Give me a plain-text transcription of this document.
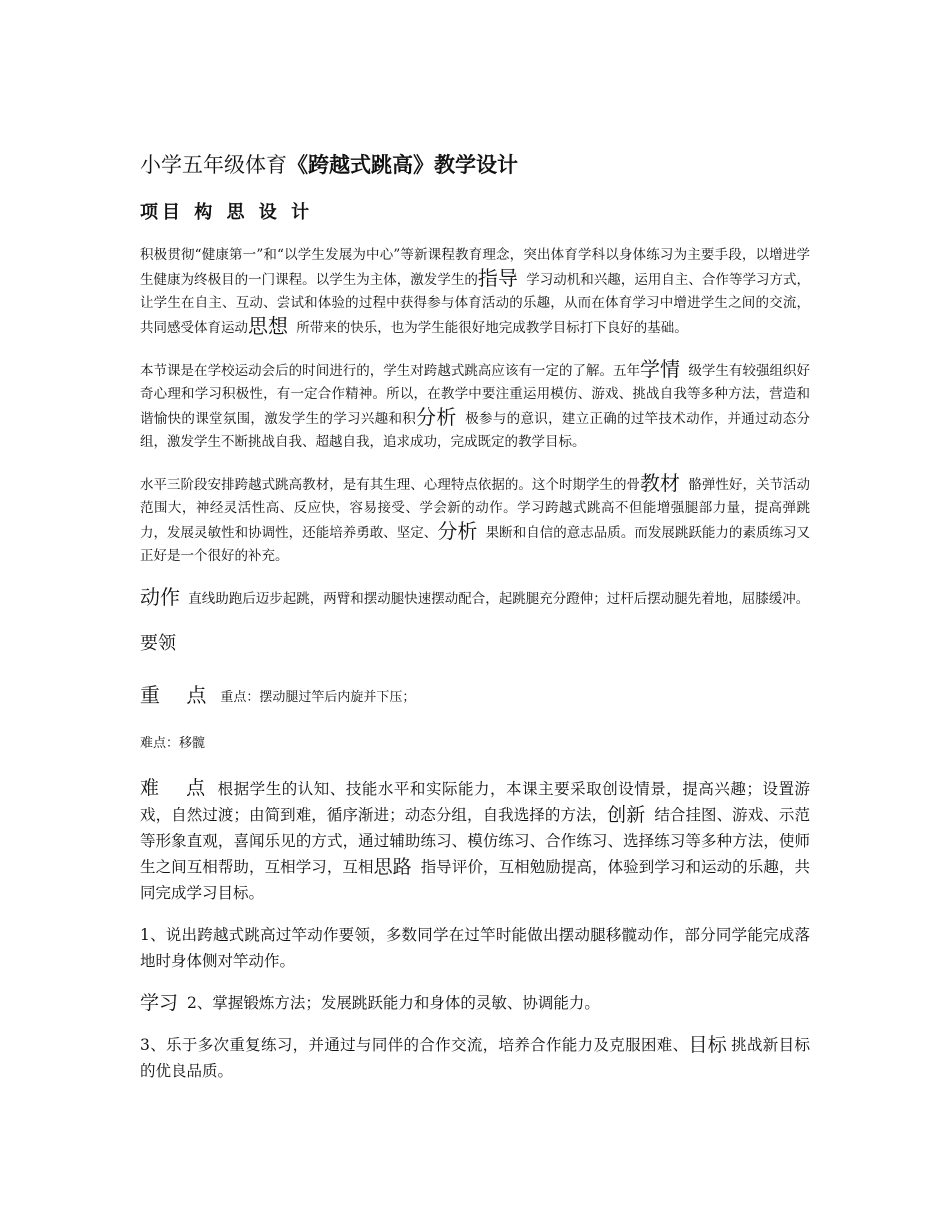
小学五年级体育《跨越式跳高》教学设计
项目 构 思 设 计

积极贯彻“健康第一”和“以学生发展为中心”等新课程教育理念，突出体育学科以身体练习为主要手段，以增进学生健康为终极目的一门课程。以学生为主体，激发学生的指导 学习动机和兴趣，运用自主、合作等学习方式，让学生在自主、互动、尝试和体验的过程中获得参与体育活动的乐趣，从而在体育学习中增进学生之间的交流，共同感受体育运动思想 所带来的快乐，也为学生能很好地完成教学目标打下良好的基础。

本节课是在学校运动会后的时间进行的，学生对跨越式跳高应该有一定的了解。五年学情 级学生有较强组织好奇心理和学习积极性，有一定合作精神。所以，在教学中要注重运用模仿、游戏、挑战自我等多种方法，营造和谐愉快的课堂氛围，激发学生的学习兴趣和积分析 极参与的意识，建立正确的过竿技术动作，并通过动态分组，激发学生不断挑战自我、超越自我，追求成功，完成既定的教学目标。

水平三阶段安排跨越式跳高教材，是有其生理、心理特点依据的。这个时期学生的骨教材 骼弹性好，关节活动范围大，神经灵活性高、反应快，容易接受、学会新的动作。学习跨越式跳高不但能增强腿部力量，提高弹跳力，发展灵敏性和协调性，还能培养勇敢、坚定、分析 果断和自信的意志品质。而发展跳跃能力的素质练习又正好是一个很好的补充。

动作 直线助跑后迈步起跳，两臂和摆动腿快速摆动配合，起跳腿充分蹬伸；过杆后摆动腿先着地，屈膝缓冲。

要领
重 点 重点：摆动腿过竿后内旋并下压；
难点：移髋

难 点 根据学生的认知、技能水平和实际能力，本课主要采取创设情景，提高兴趣；设置游戏，自然过渡；由简到难，循序渐进；动态分组，自我选择的方法，创新 结合挂图、游戏、示范等形象直观，喜闻乐见的方式，通过辅助练习、模仿练习、合作练习、选择练习等多种方法，使师生之间互相帮助，互相学习，互相思路 指导评价，互相勉励提高，体验到学习和运动的乐趣，共同完成学习目标。

1、说出跨越式跳高过竿动作要领，多数同学在过竿时能做出摆动腿移髋动作，部分同学能完成落地时身体侧对竿动作。

学习 2、掌握锻炼方法；发展跳跃能力和身体的灵敏、协调能力。

3、乐于多次重复练习，并通过与同伴的合作交流，培养合作能力及克服困难、目标 挑战新目标的优良品质。
